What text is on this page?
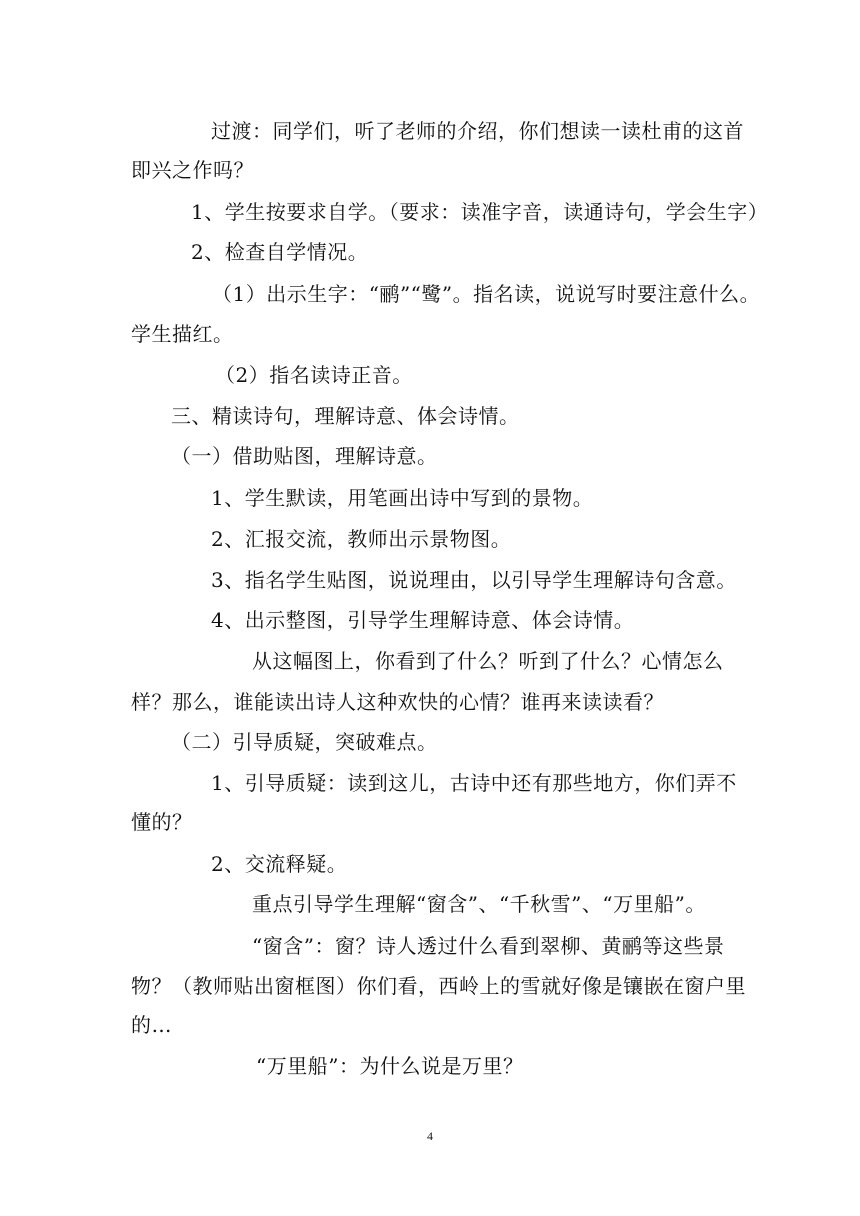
过渡：同学们，听了老师的介绍，你们想读一读杜甫的这首
即兴之作吗？
1、学生按要求自学。（要求：读准字音，读通诗句，学会生字）
2、检查自学情况。
（1）出示生字：“鹂”“鹭”。指名读，说说写时要注意什么。
学生描红。
（2）指名读诗正音。
三、精读诗句，理解诗意、体会诗情。
（一）借助贴图，理解诗意。
1、学生默读，用笔画出诗中写到的景物。
2、汇报交流，教师出示景物图。
3、指名学生贴图，说说理由，以引导学生理解诗句含意。
4、出示整图，引导学生理解诗意、体会诗情。
从这幅图上，你看到了什么？听到了什么？心情怎么
样？那么，谁能读出诗人这种欢快的心情？谁再来读读看？
（二）引导质疑，突破难点。
1、引导质疑：读到这儿，古诗中还有那些地方，你们弄不
懂的？
2、交流释疑。
重点引导学生理解“窗含”、“千秋雪”、“万里船”。
“窗含”：窗？诗人透过什么看到翠柳、黄鹂等这些景
物？（教师贴出窗框图）你们看，西岭上的雪就好像是镶嵌在窗户里
的…
“万里船”：为什么说是万里？
4
